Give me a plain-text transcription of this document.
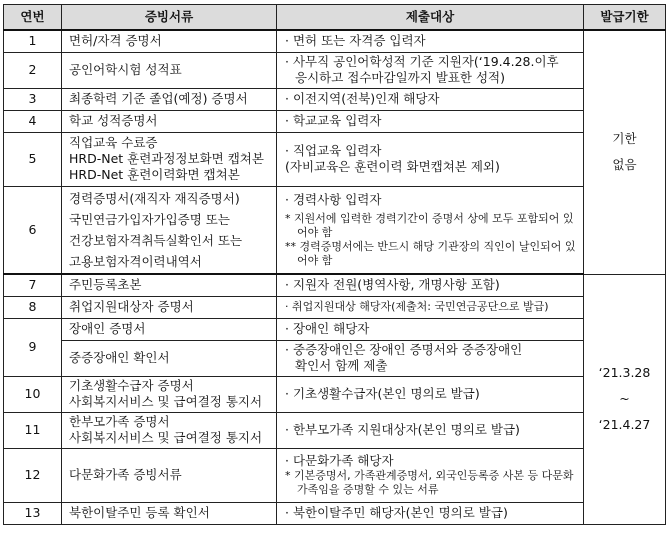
연번	증빙서류	제출대상	발급기한
1	면허/자격 증명서	· 면허 또는 자격증 입력자	기한
없음

2	공인어학시험 성적표	· 사무직 공인어학성적 기준 지원자(‘19.4.28.이후
응시하고 접수마감일까지 발표한 성적)	

3	최종학력 기준 졸업(예정) 증명서	· 이전지역(전북)인재 해당자	
4	학교 성적증명서	· 학교교육 입력자	
5	직업교육 수료증
HRD-Net 훈련과정정보화면 캡쳐본
HRD-Net 훈련이력화면 캡쳐본	· 직업교육 입력자
(자비교육은 훈련이력 화면캡쳐본 제외)	

6	경력증명서(재직자 재직증명서)
국민연금가입자가입증명 또는
건강보험자격취득실확인서 또는
고용보험자격이력내역서	· 경력사항 입력자
* 지원서에 입력한 경력기간이 증명서 상에 모두 포함되어 있어야 함
** 경력증명서에는 반드시 해당 기관장의 직인이 날인되어 있어야 함	

7	주민등록초본	· 지원자 전원(병역사항, 개명사항 포함)	‘21.3.28
~
‘21.4.27

8	취업지원대상자 증명서	· 취업지원대상 해당자(제출처: 국민연금공단으로 발급)	
9	장애인 증명서	· 장애인 해당자	
	중증장애인 확인서	· 중증장애인은 장애인 증명서와 중증장애인
확인서 함께 제출	

10	기초생활수급자 증명서
사회복지서비스 및 급여결정 통지서	· 기초생활수급자(본인 명의로 발급)	
11	한부모가족 증명서
사회복지서비스 및 급여결정 통지서	· 한부모가족 지원대상자(본인 명의로 발급)	
12	다문화가족 증빙서류	· 다문화가족 해당자
* 기본증명서, 가족관계증명서, 외국인등록증 사본 등 다문화가족임을 증명할 수 있는 서류	

13	북한이탈주민 등록 확인서	· 북한이탈주민 해당자(본인 명의로 발급)	
